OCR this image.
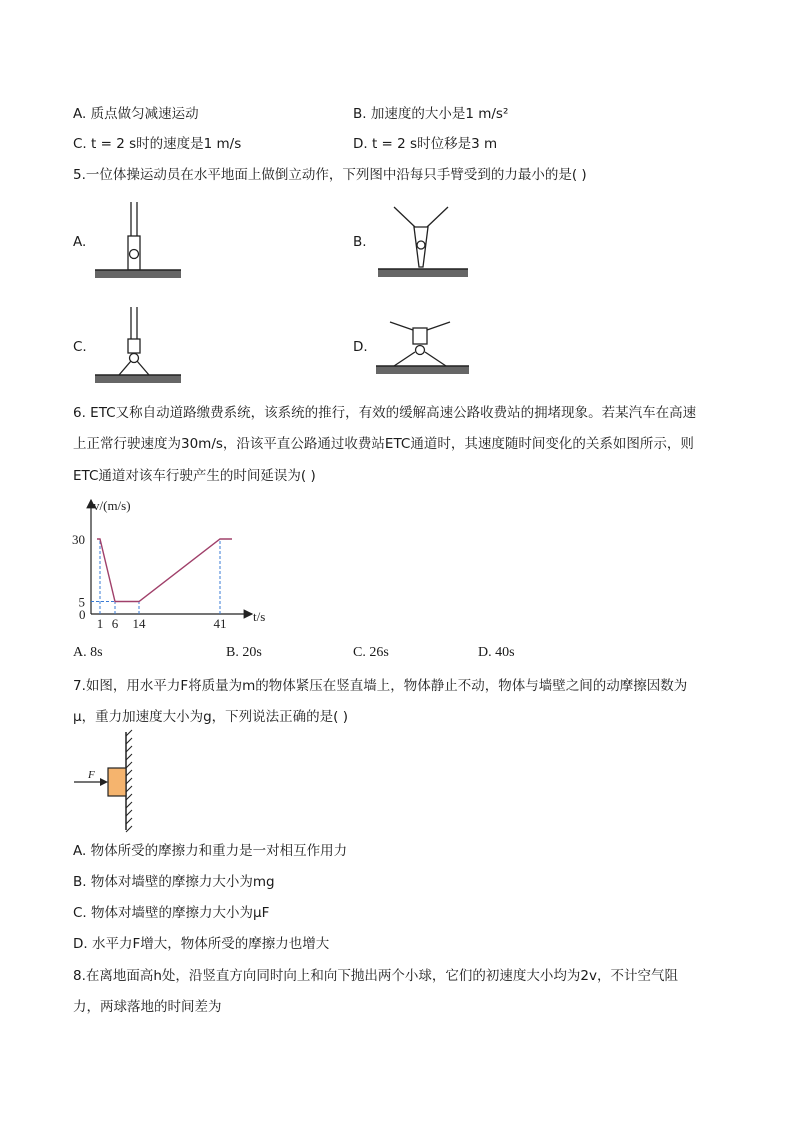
A. 质点做匀减速运动	B. 加速度的大小是1 m/s²
C. t = 2 s时的速度是1 m/s	D. t = 2 s时位移是3 m
5.一位体操运动员在水平地面上做倒立动作，下列图中沿每只手臂受到的力最小的是( )
A.	B.
C.	D.
6. ETC又称自动道路缴费系统，该系统的推行，有效的缓解高速公路收费站的拥堵现象。若某汽车在高速
上正常行驶速度为30m/s，沿该平直公路通过收费站ETC通道时，其速度随时间变化的关系如图所示，则
ETC通道对该车行驶产生的时间延误为( )
v/(m/s)
t/s
0
1 6 14	41
5
30
A. 8s	B. 20s	C. 26s	D. 40s
7.如图，用水平力F将质量为m的物体紧压在竖直墙上，物体静止不动，物体与墙壁之间的动摩擦因数为
μ，重力加速度大小为g，下列说法正确的是( )
F
A. 物体所受的摩擦力和重力是一对相互作用力
B. 物体对墙壁的摩擦力大小为mg
C. 物体对墙壁的摩擦力大小为μF
D. 水平力F增大，物体所受的摩擦力也增大
8.在离地面高h处，沿竖直方向同时向上和向下抛出两个小球，它们的初速度大小均为2v，不计空气阻
力，两球落地的时间差为
